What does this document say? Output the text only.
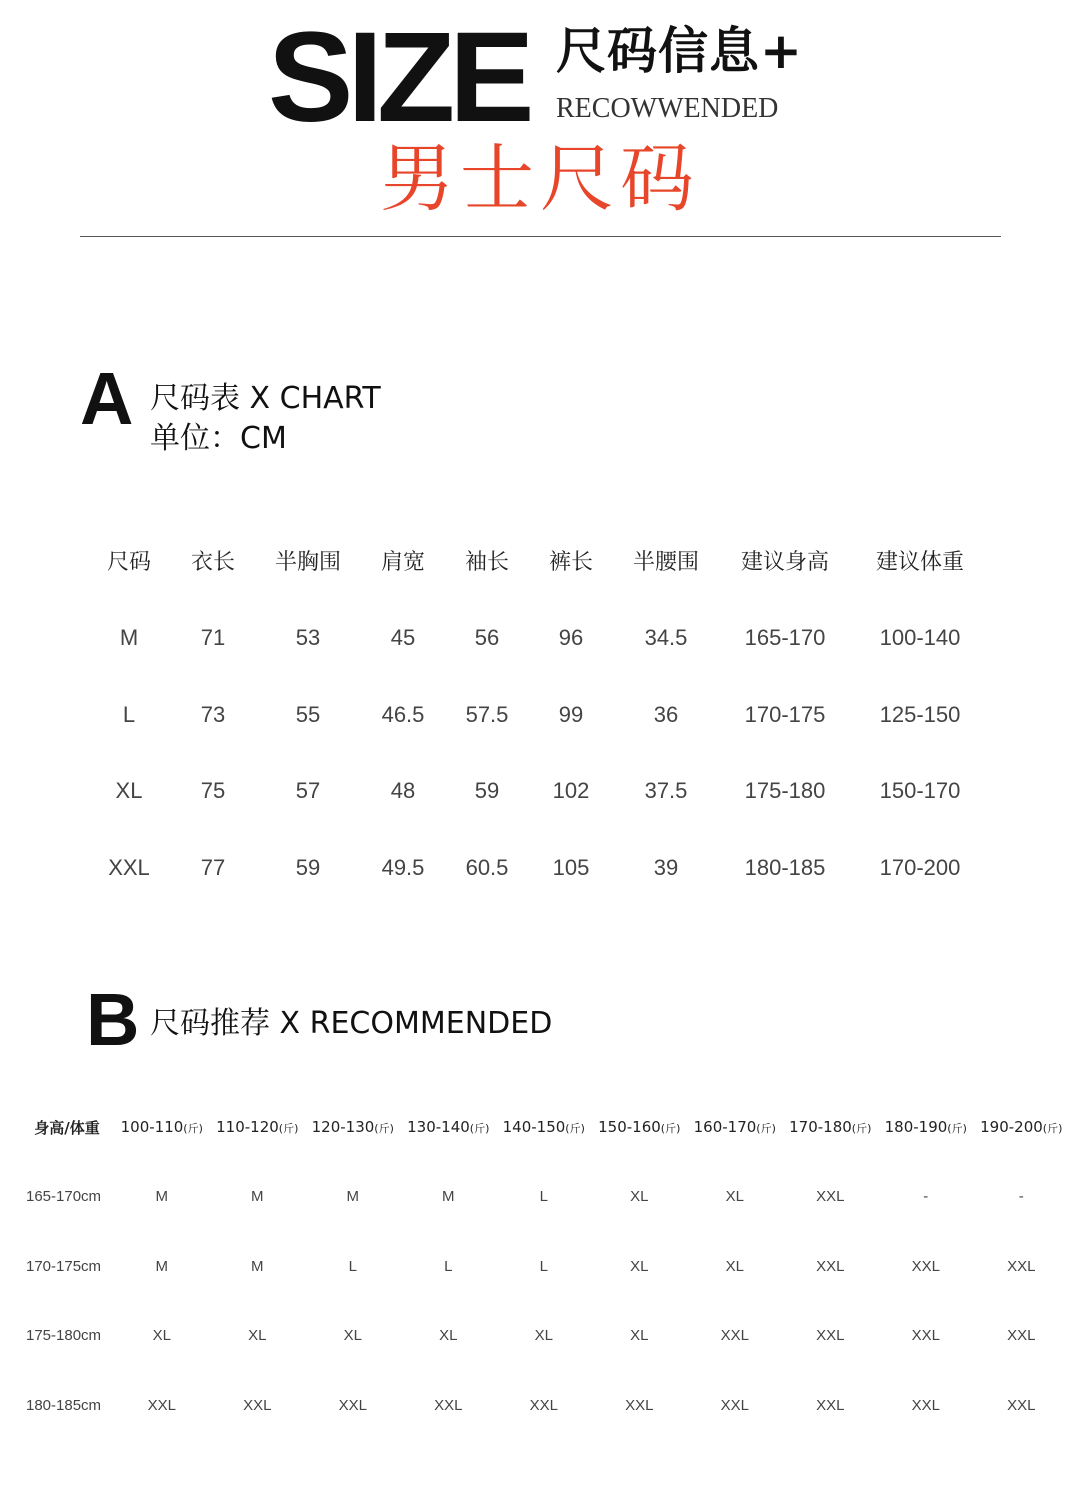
SIZE 尺码信息+
RECOWWENDED
男士尺码
A 尺码表 X CHART
单位：CM
尺码	衣长	半胸围	肩宽	袖长	裤长	半腰围	建议身高	建议体重
M	71	53	45	56	96	34.5	165-170	100-140
L	73	55	46.5	57.5	99	36	170-175	125-150
XL	75	57	48	59	102	37.5	175-180	150-170
XXL	77	59	49.5	60.5	105	39	180-185	170-200
B 尺码推荐 X RECOMMENDED
身高/体重	100-110(斤)	110-120(斤)	120-130(斤)	130-140(斤)	140-150(斤)	150-160(斤)	160-170(斤)	170-180(斤)	180-190(斤)	190-200(斤)
165-170cm	M	M	M	M	L	XL	XL	XXL	-	-
170-175cm	M	M	L	L	L	XL	XL	XXL	XXL	XXL
175-180cm	XL	XL	XL	XL	XL	XL	XXL	XXL	XXL	XXL
180-185cm	XXL	XXL	XXL	XXL	XXL	XXL	XXL	XXL	XXL	XXL
